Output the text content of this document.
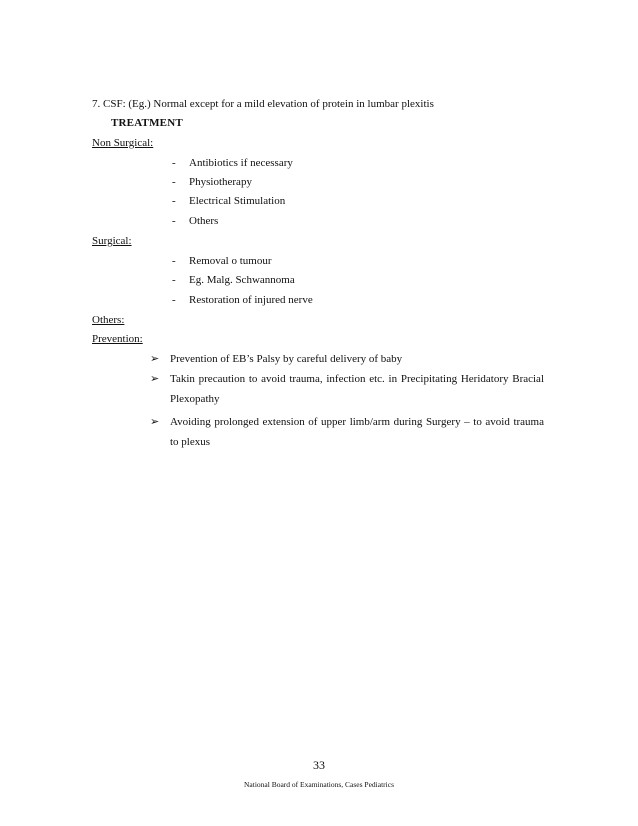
7. CSF: (Eg.) Normal except for a mild elevation of protein in lumbar plexitis
TREATMENT
Non Surgical:
- Antibiotics if necessary
- Physiotherapy
- Electrical Stimulation
- Others
Surgical:
- Removal o tumour
- Eg. Malg. Schwannoma
- Restoration of injured nerve
Others:
Prevention:
➢ Prevention of EB’s Palsy by careful delivery of baby
➢ Takin precaution to avoid trauma, infection etc. in Precipitating Heridatory Bracial Plexopathy
➢ Avoiding prolonged extension of upper limb/arm during Surgery – to avoid trauma to plexus
33
National Board of Examinations, Cases Pediatrics
